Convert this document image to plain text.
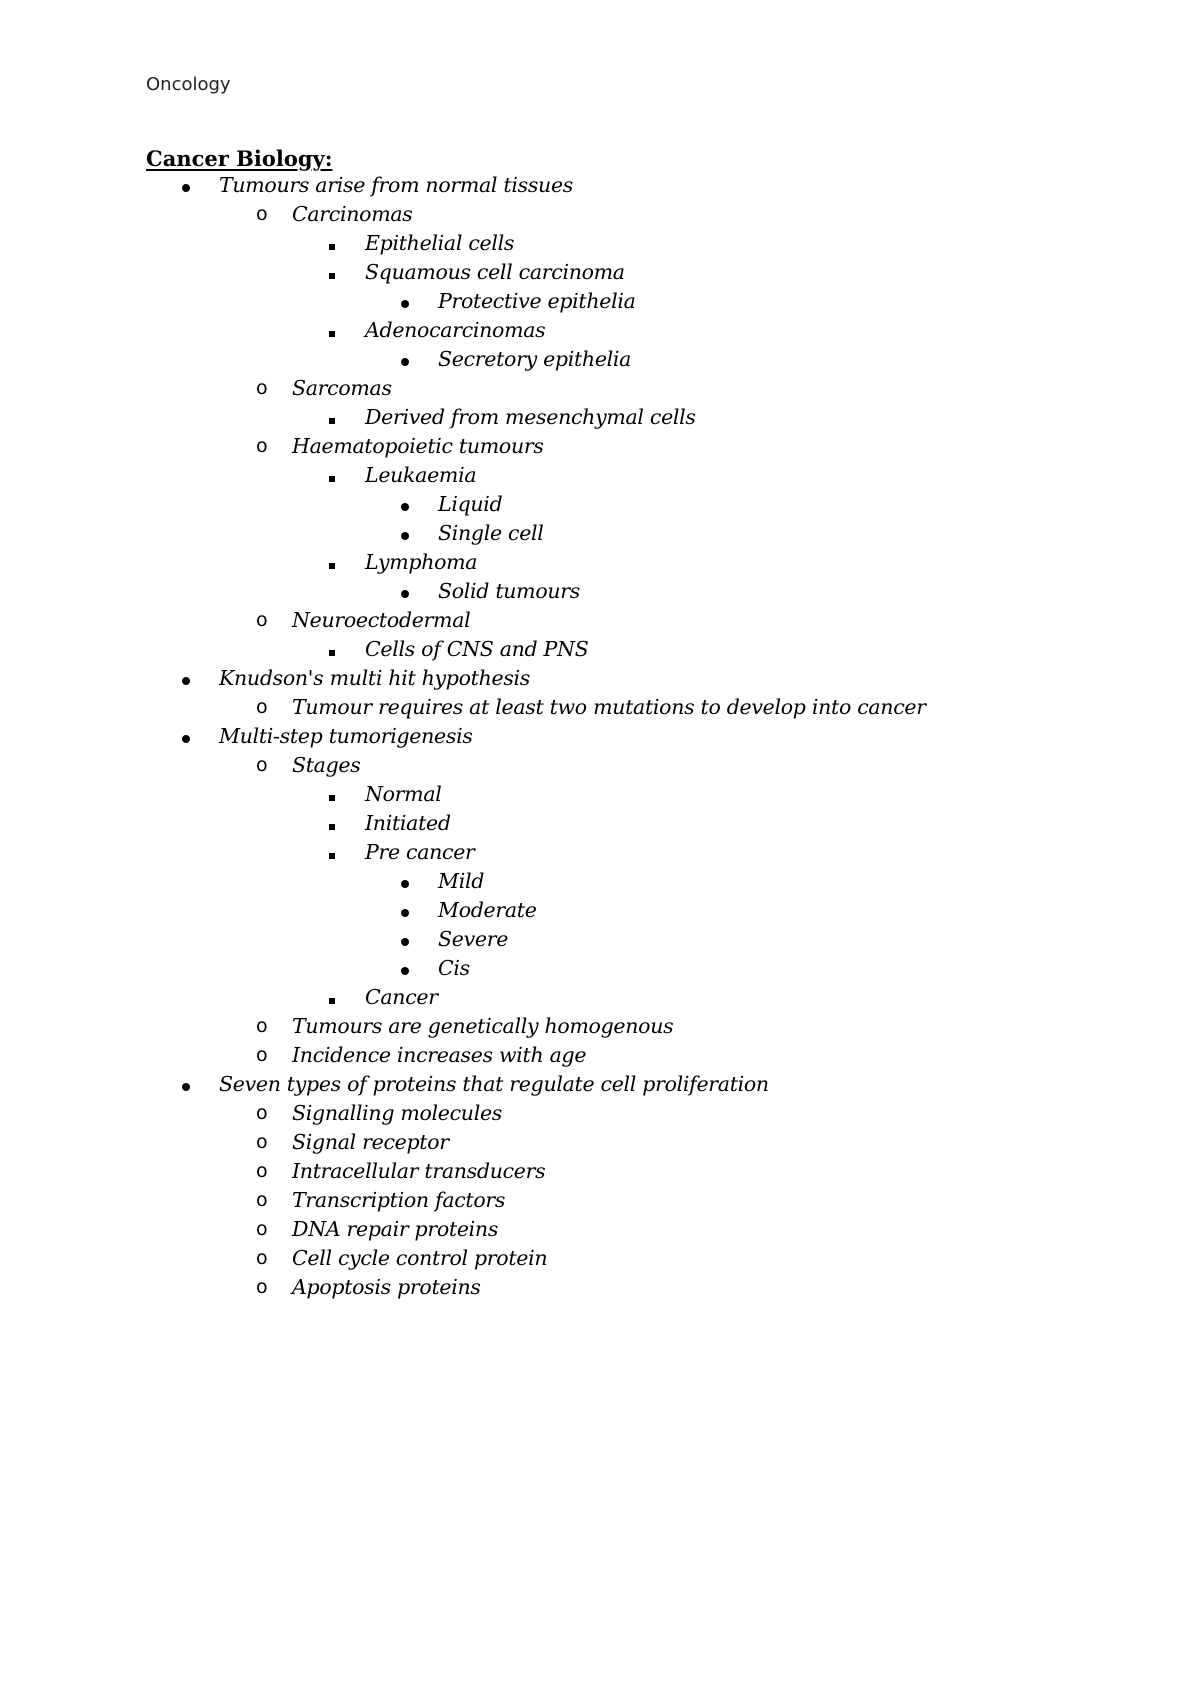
Oncology
Cancer Biology:
Tumours arise from normal tissues
o Carcinomas
Epithelial cells
Squamous cell carcinoma
Protective epithelia
Adenocarcinomas
Secretory epithelia
o Sarcomas
Derived from mesenchymal cells
o Haematopoietic tumours
Leukaemia
Liquid
Single cell
Lymphoma
Solid tumours
o Neuroectodermal
Cells of CNS and PNS
Knudson's multi hit hypothesis
o Tumour requires at least two mutations to develop into cancer
Multi-step tumorigenesis
o Stages
Normal
Initiated
Pre cancer
Mild
Moderate
Severe
Cis
Cancer
o Tumours are genetically homogenous
o Incidence increases with age
Seven types of proteins that regulate cell proliferation
o Signalling molecules
o Signal receptor
o Intracellular transducers
o Transcription factors
o DNA repair proteins
o Cell cycle control protein
o Apoptosis proteins
